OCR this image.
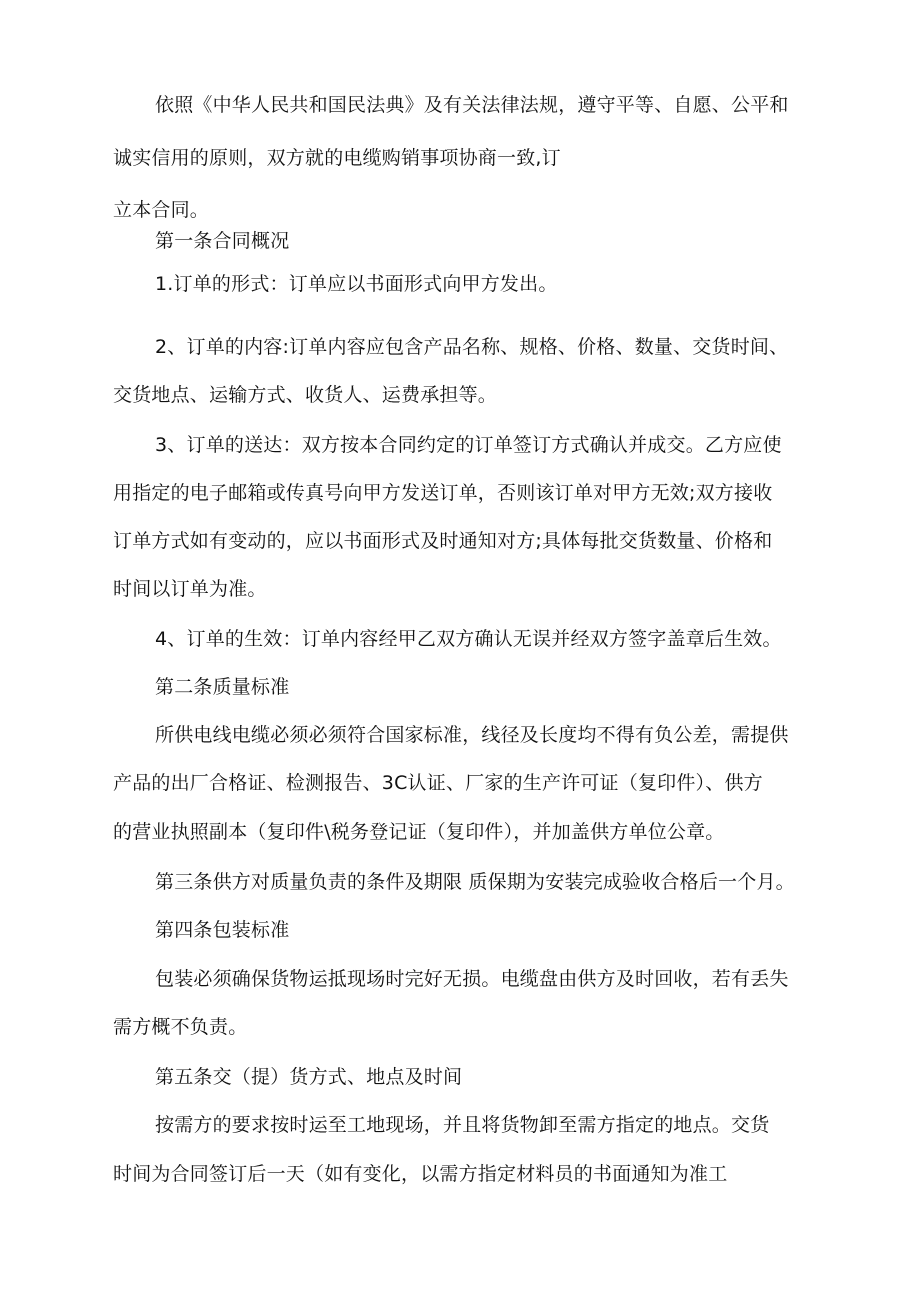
依照《中华人民共和国民法典》及有关法律法规，遵守平等、自愿、公平和
诚实信用的原则，双方就的电缆购销事项协商一致,订
立本合同。
第一条合同概况
1.订单的形式：订单应以书面形式向甲方发出。
2、订单的内容:订单内容应包含产品名称、规格、价格、数量、交货时间、
交货地点、运输方式、收货人、运费承担等。
3、订单的送达：双方按本合同约定的订单签订方式确认并成交。乙方应使
用指定的电子邮箱或传真号向甲方发送订单，否则该订单对甲方无效;双方接收
订单方式如有变动的，应以书面形式及时通知对方;具体每批交货数量、价格和
时间以订单为准。
4、订单的生效：订单内容经甲乙双方确认无误并经双方签字盖章后生效。
第二条质量标准
所供电线电缆必须必须符合国家标准，线径及长度均不得有负公差，需提供
产品的出厂合格证、检测报告、3C认证、厂家的生产许可证（复印件）、供方
的营业执照副本（复印件\税务登记证（复印件），并加盖供方单位公章。
第三条供方对质量负责的条件及期限 质保期为安装完成验收合格后一个月。
第四条包装标准
包装必须确保货物运抵现场时完好无损。电缆盘由供方及时回收，若有丢失
需方概不负责。
第五条交（提）货方式、地点及时间
按需方的要求按时运至工地现场，并且将货物卸至需方指定的地点。交货
时间为合同签订后一天（如有变化，以需方指定材料员的书面通知为准工
